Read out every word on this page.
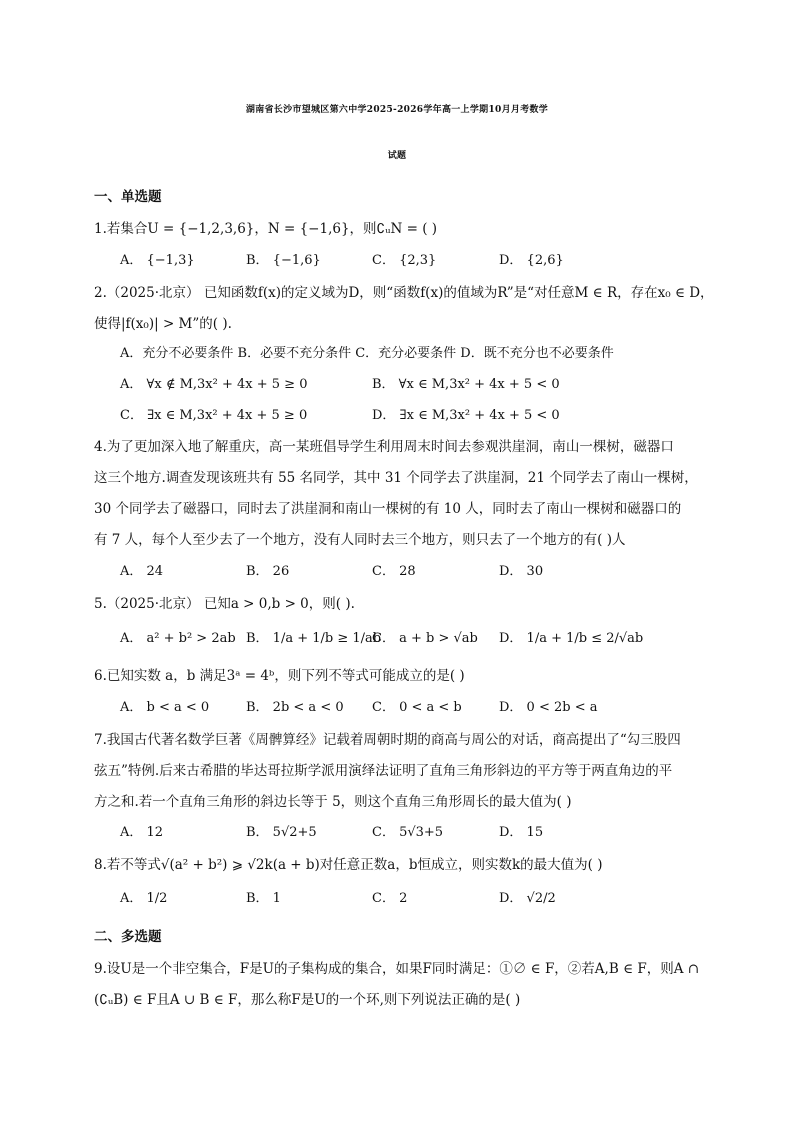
湖南省长沙市望城区第六中学2025-2026学年高一上学期10月月考数学
试题
一、单选题
1.若集合U = {−1,2,3,6}，N = {−1,6}，则∁ᵤN = ( )
A． {−1,3}	B． {−1,6}	C． {2,3}	D． {2,6}
2.（2025·北京） 已知函数f(x)的定义域为D，则“函数f(x)的值域为R”是“对任意M ∈ R，存在x₀ ∈ D，
使得|f(x₀)| > M”的( ).
A．充分不必要条件 B．必要不充分条件 C．充分必要条件 D．既不充分也不必要条件
A． ∀x ∉ M,3x² + 4x + 5 ≥ 0	B． ∀x ∈ M,3x² + 4x + 5 < 0
C． ∃x ∈ M,3x² + 4x + 5 ≥ 0	D． ∃x ∈ M,3x² + 4x + 5 < 0
4.为了更加深入地了解重庆，高一某班倡导学生利用周末时间去参观洪崖洞，南山一棵树，磁器口
这三个地方.调查发现该班共有 55 名同学，其中 31 个同学去了洪崖洞，21 个同学去了南山一棵树，
30 个同学去了磁器口，同时去了洪崖洞和南山一棵树的有 10 人，同时去了南山一棵树和磁器口的
有 7 人，每个人至少去了一个地方，没有人同时去三个地方，则只去了一个地方的有( )人
A． 24	B． 26	C． 28	D． 30
5.（2025·北京） 已知a > 0,b > 0，则( ).
A． a² + b² > 2ab B． 1/a + 1/b ≥ 1/ab
C． a + b > √ab D． 1/a + 1/b ≤ 2/√ab
6.已知实数 a，b 满足3ᵃ = 4ᵇ，则下列不等式可能成立的是( )
A． b < a < 0	B． 2b < a < 0 C． 0 < a < b	D． 0 < 2b < a
7.我国古代著名数学巨著《周髀算经》记载着周朝时期的商高与周公的对话，商高提出了“勾三股四
弦五”特例.后来古希腊的毕达哥拉斯学派用演绎法证明了直角三角形斜边的平方等于两直角边的平
方之和.若一个直角三角形的斜边长等于 5，则这个直角三角形周长的最大值为( )
A． 12	B． 5√2+5	C． 5√3+5	D． 15
8.若不等式√(a² + b²) ⩾ √2k(a + b)对任意正数a，b恒成立，则实数k的最大值为( )
A． 1/2	B． 1	C． 2	D． √2/2
二、多选题
9.设U是一个非空集合，F是U的子集构成的集合，如果F同时满足：①∅ ∈ F，②若A,B ∈ F，则A ∩
(∁ᵤB) ∈ F且A ∪ B ∈ F，那么称F是U的一个环,则下列说法正确的是( )
